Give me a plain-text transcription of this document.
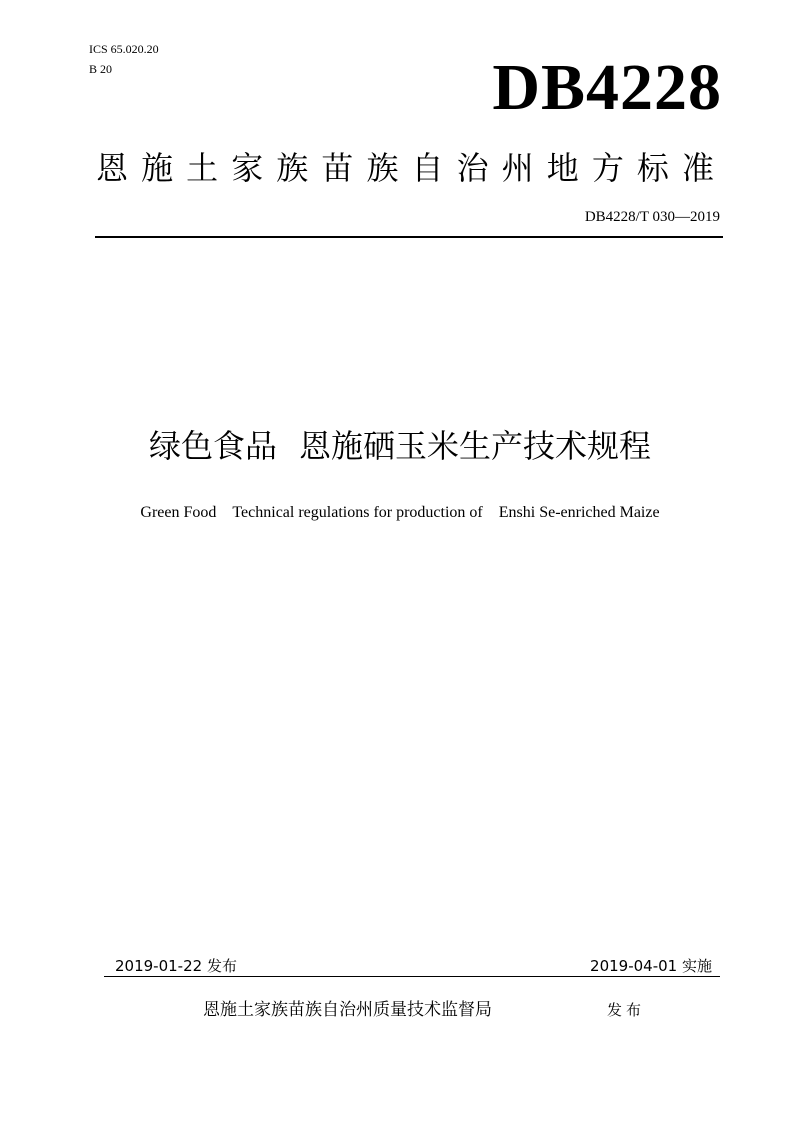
ICS 65.020.20
B 20	DB4228
恩施土家族苗族自治州地方标准
DB4228/T 030—2019
绿色食品 恩施硒玉米生产技术规程
Green Food Technical regulations for production of Enshi Se-enriched Maize
2019-01-22 发布	2019-04-01 实施
恩施土家族苗族自治州质量技术监督局	发布
